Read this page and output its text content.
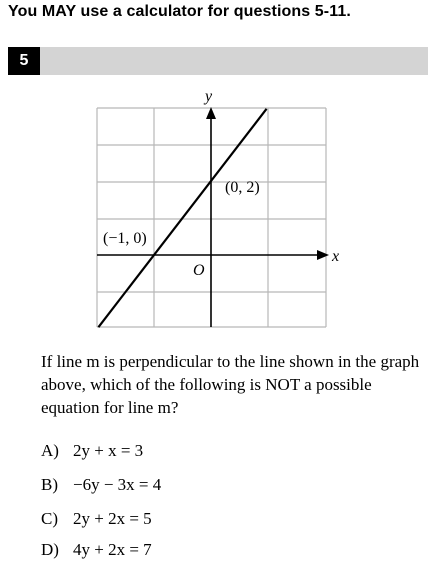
You MAY use a calculator for questions 5-11.
5
x
y
O
(0, 2)
(−1, 0)
If line m is perpendicular to the line shown in the graph above, which of the following is NOT a possible equation for line m?
A) 2y + x = 3
B) −6y − 3x = 4
C) 2y + 2x = 5
D) 4y + 2x = 7
